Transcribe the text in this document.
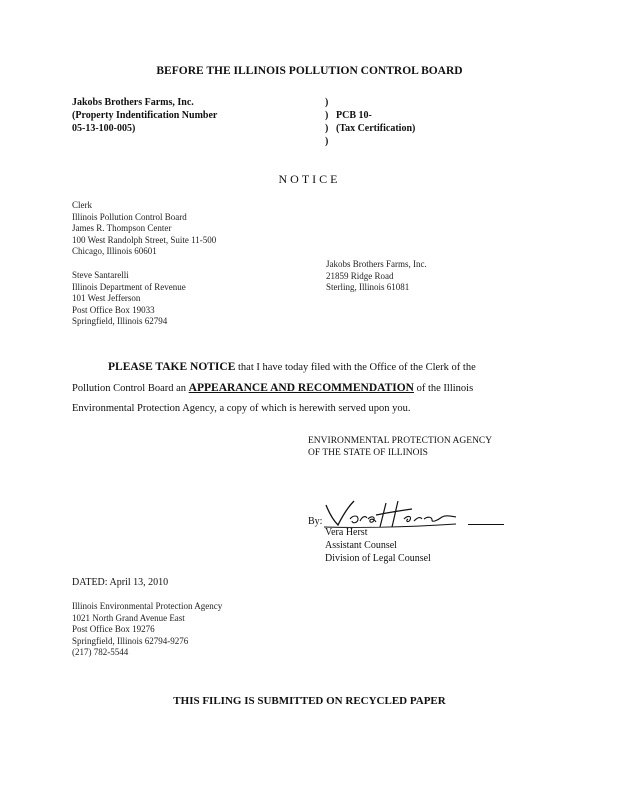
BEFORE THE ILLINOIS POLLUTION CONTROL BOARD
Jakobs Brothers Farms, Inc.
(Property Indentification Number
05-13-100-005)
)
)
)
)
PCB 10-
(Tax Certification)
NOTICE
Clerk
Illinois Pollution Control Board
James R. Thompson Center
100 West Randolph Street, Suite 11-500
Chicago, Illinois 60601
Steve Santarelli
Illinois Department of Revenue
101 West Jefferson
Post Office Box 19033
Springfield, Illinois 62794
Jakobs Brothers Farms, Inc.
21859 Ridge Road
Sterling, Illinois 61081
PLEASE TAKE NOTICE that I have today filed with the Office of the Clerk of the
Pollution Control Board an APPEARANCE AND RECOMMENDATION of the Illinois
Environmental Protection Agency, a copy of which is herewith served upon you.
ENVIRONMENTAL PROTECTION AGENCY
OF THE STATE OF ILLINOIS
By:
Vera Herst
Assistant Counsel
Division of Legal Counsel
DATED: April 13, 2010
Illinois Environmental Protection Agency
1021 North Grand Avenue East
Post Office Box 19276
Springfield, Illinois 62794-9276
(217) 782-5544
THIS FILING IS SUBMITTED ON RECYCLED PAPER
